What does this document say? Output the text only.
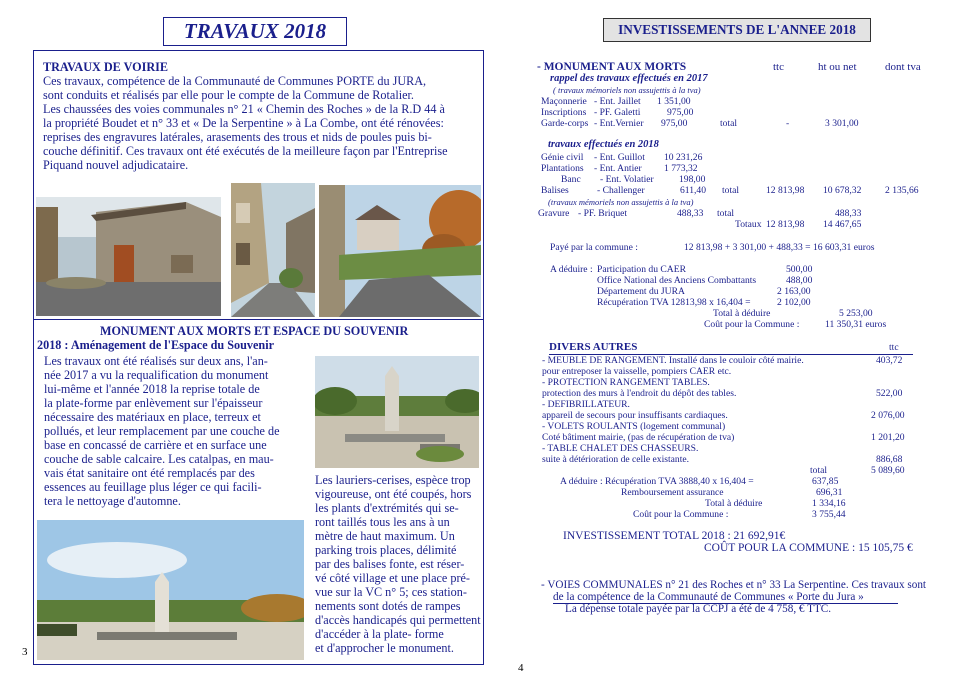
TRAVAUX 2018
TRAVAUX DE VOIRIE
Ces travaux, compétence de la Communauté de Communes PORTE du JURA,
sont conduits et réalisés par elle pour le compte de la Commune de Rotalier.
Les chaussées des voies communales n° 21 « Chemin des Roches » de la R.D 44 à
la propriété Boudet et n° 33 et « De la Serpentine » à La Combe, ont été rénovées:
reprises des engravures latérales, arasements des trous et nids de poules puis bi-
couche définitif. Ces travaux ont été exécutés de la meilleure façon par l'Entreprise
Piquand nouvel adjudicataire.
MONUMENT AUX MORTS ET ESPACE DU SOUVENIR
2018 : Aménagement de l'Espace du Souvenir
Les travaux ont été réalisés sur deux ans, l'an-
née 2017 a vu la requalification du monument
lui-même et l'année 2018 la reprise totale de
la plate-forme par enlèvement sur l'épaisseur
nécessaire des matériaux en place, terreux et
pollués, et leur remplacement par une couche de
base en concassé de carrière et en surface une
couche de sable calcaire. Les catalpas, en mau-
vais état sanitaire ont été remplacés par des
essences au feuillage plus léger ce qui facili-
tera le nettoyage d'automne.
Les lauriers-cerises, espèce trop
vigoureuse, ont été coupés, hors
les plants d'extrémités qui se-
ront taillés tous les ans à un
mètre de haut maximum. Un
parking trois places, délimité
par des balises fonte, est réser-
vé côté village et une place pré-
vue sur la VC n° 5; ces station-
nements sont dotés de rampes
d'accès handicapés qui permettent
d'accéder à la plate- forme
et d'approcher le monument.
3
INVESTISSEMENTS DE L'ANNEE 2018
- MONUMENT AUX MORTS	ttc	ht ou net	dont tva
rappel des travaux effectués en 2017
( travaux mémoriels non assujettis à la tva)
Maçonnerie - Ent. Jaillet 1 351,00
Inscriptions - PF. Galetti	975,00
Garde-corps - Ent.Vernier 975,00	total	-	3 301,00
travaux effectués en 2018
Génie civil - Ent. Guillot 10 231,26
Plantations - Ent. Antier 1 773,32
Banc - Ent. Volatier	198,00
Balises	- Challenger	611,40 total	12 813,98 10 678,32 2 135,66
(travaux mémoriels non assujettis à la tva)
Gravure - PF. Briquet	488,33 total	488,33
Totaux 12 813,98 14 467,65
Payé par la commune :	12 813,98 + 3 301,00 + 488,33 = 16 603,31 euros
A déduire : Participation du CAER	500,00
Office National des Anciens Combattants	488,00
Département du JURA	2 163,00
Récupération TVA 12813,98 x 16,404 =	2 102,00
Total à déduire	5 253,00
Coût pour la Commune :	11 350,31 euros
DIVERS AUTRES	ttc
- MEUBLE DE RANGEMENT. Installé dans le couloir côté mairie.	403,72
pour entreposer la vaisselle, pompiers CAER etc.
- PROTECTION RANGEMENT TABLES.
protection des murs à l'endroit du dépôt des tables.	522,00
- DEFIBRILLATEUR.
appareil de secours pour insuffisants cardiaques.	2 076,00
- VOLETS ROULANTS (logement communal)
Coté bâtiment mairie, (pas de récupération de tva)	1 201,20
- TABLE CHALET DES CHASSEURS.
suite à détérioration de celle existante.	886,68
total	5 089,60
A déduire : Récupération TVA 3888,40 x 16,404 =	637,85
Remboursement assurance	696,31
Total à déduire	1 334,16
Coût pour la Commune :	3 755,44
INVESTISSEMENT TOTAL 2018 : 21 692,91€
COÛT POUR LA COMMUNE : 15 105,75 €
- VOIES COMMUNALES n° 21 des Roches et n° 33 La Serpentine. Ces travaux sont
de la compétence de la Communauté de Communes « Porte du Jura »
La dépense totale payée par la CCPJ a été de 4 758, € TTC.
4
